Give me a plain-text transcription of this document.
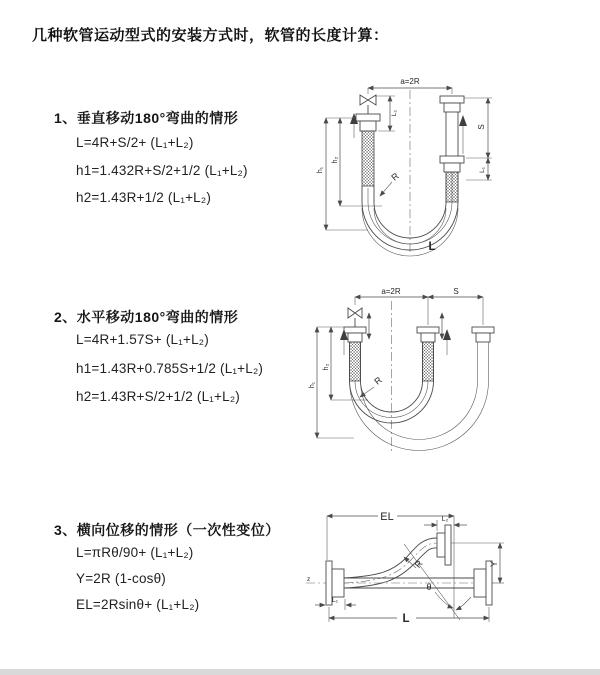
几种软管运动型式的安装方式时，软管的长度计算：
1、垂直移动180°弯曲的情形
L=4R+S/2+ (L₁+L₂)
h1=1.432R+S/2+1/2 (L₁+L₂)
h2=1.43R+1/2 (L₁+L₂)
2、水平移动180°弯曲的情形
L=4R+1.57S+ (L₁+L₂)
h1=1.43R+0.785S+1/2 (L₁+L₂)
h2=1.43R+S/2+1/2 (L₁+L₂)
3、横向位移的情形（一次性变位）
L=πRθ/90+ (L₁+L₂)
Y=2R (1-cosθ)
EL=2Rsinθ+ (L₁+L₂)
a=2R
L₂
h₁
h₂
S
L₁
R
L
a=2R	S
h₁
h₂
R
EL	L₂
z
θ
R	Y
L₁
L
